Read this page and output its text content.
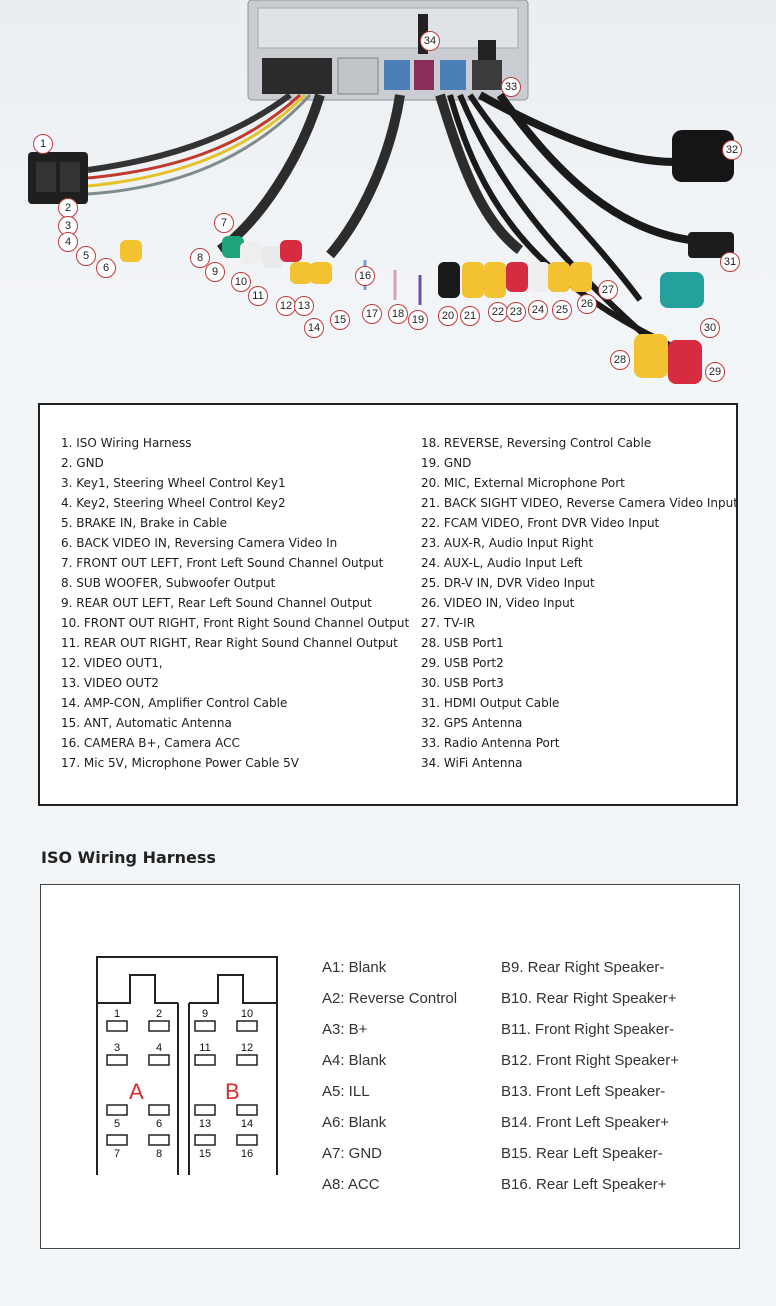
1
2
3
4
5
6
7
8
9
10
11
12 13
14
15
16
17	18 19	20 21	22 23 24	25	26
27
28
29
30
31
32
33
34
1. ISO Wiring Harness
2. GND
3. Key1, Steering Wheel Control Key1
4. Key2, Steering Wheel Control Key2
5. BRAKE IN, Brake in Cable
6. BACK VIDEO IN, Reversing Camera Video In
7. FRONT OUT LEFT, Front Left Sound Channel Output
8. SUB WOOFER, Subwoofer Output
9. REAR OUT LEFT, Rear Left Sound Channel Output
10. FRONT OUT RIGHT, Front Right Sound Channel Output
11. REAR OUT RIGHT, Rear Right Sound Channel Output
12. VIDEO OUT1,
13. VIDEO OUT2
14. AMP-CON, Amplifier Control Cable
15. ANT, Automatic Antenna
16. CAMERA B+, Camera ACC
17. Mic 5V, Microphone Power Cable 5V
18. REVERSE, Reversing Control Cable
19. GND
20. MIC, External Microphone Port
21. BACK SIGHT VIDEO, Reverse Camera Video Input
22. FCAM VIDEO, Front DVR Video Input
23. AUX-R, Audio Input Right
24. AUX-L, Audio Input Left
25. DR-V IN, DVR Video Input
26. VIDEO IN, Video Input
27. TV-IR
28. USB Port1
29. USB Port2
30. USB Port3
31. HDMI Output Cable
32. GPS Antenna
33. Radio Antenna Port
34. WiFi Antenna
ISO Wiring Harness
1	2
3	4
5	6
7	8
9	10
11	12
13	14
15	16
A	B
A1: Blank
A2: Reverse Control
A3: B+
A4: Blank
A5: ILL
A6: Blank
A7: GND
A8: ACC
B9. Rear Right Speaker-
B10. Rear Right Speaker+
B11. Front Right Speaker-
B12. Front Right Speaker+
B13. Front Left Speaker-
B14. Front Left Speaker+
B15. Rear Left Speaker-
B16. Rear Left Speaker+
